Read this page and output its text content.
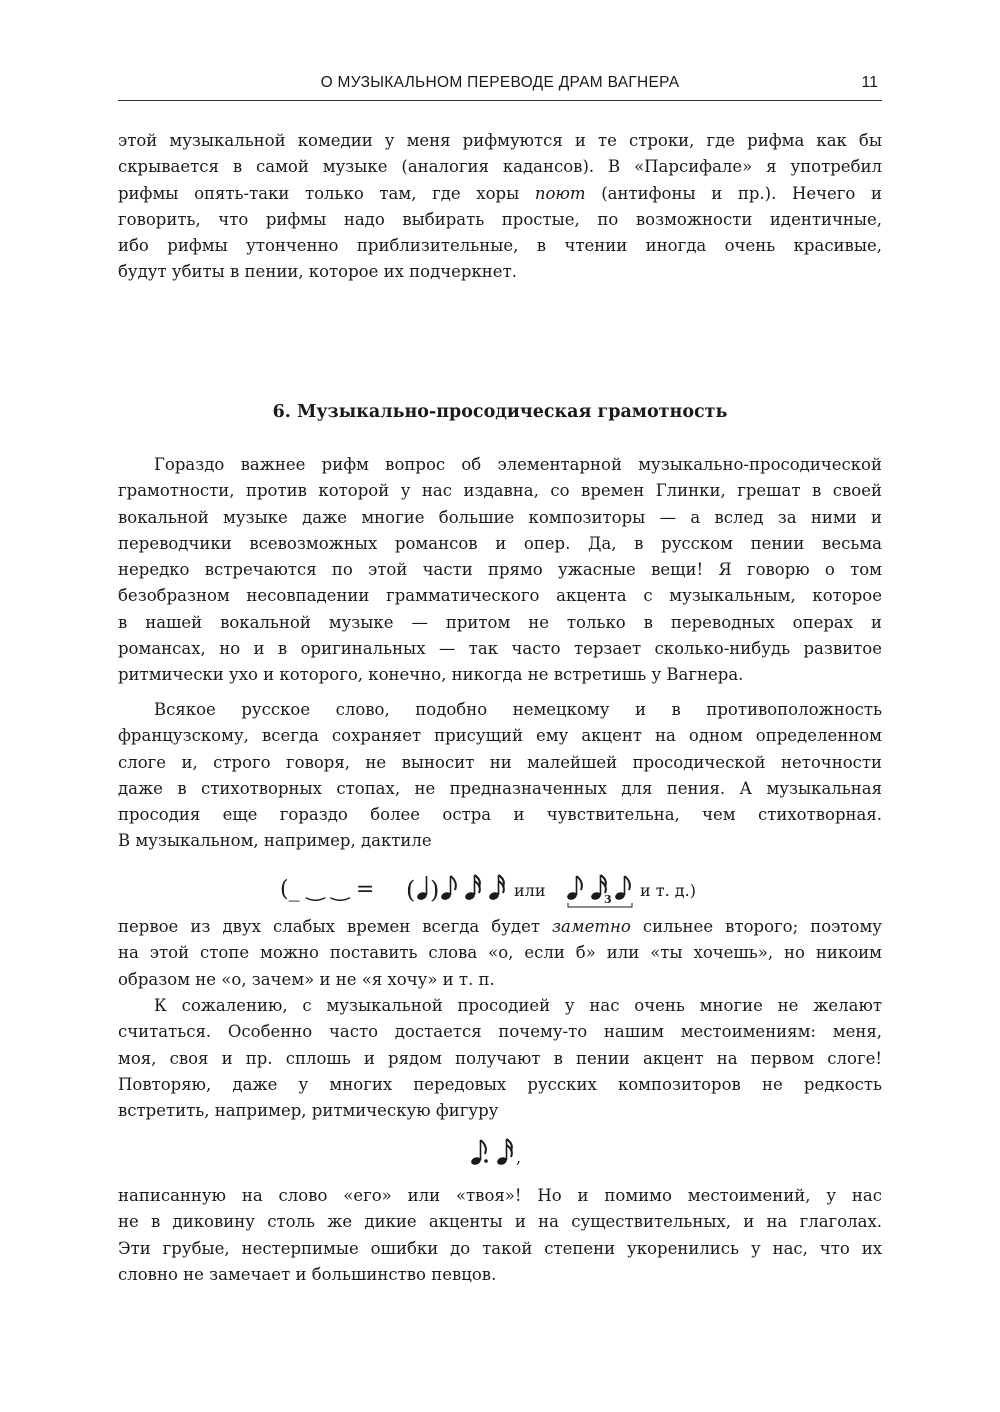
О МУЗЫКАЛЬНОМ ПЕРЕВОДЕ ДРАМ ВАГНЕРА	11
этой музыкальной комедии у меня рифмуются и те строки, где рифма как бы
скрывается в самой музыке (аналогия кадансов). В «Парсифале» я употребил
рифмы опять-таки только там, где хоры поют (антифоны и пр.). Нечего и
говорить, что рифмы надо выбирать простые, по возможности идентичные,
ибо рифмы утонченно приблизительные, в чтении иногда очень красивые,
будут убиты в пении, которое их подчеркнет.
6. Музыкально-просодическая грамотность
Гораздо важнее рифм вопрос об элементарной музыкально-просодической
грамотности, против которой у нас издавна, со времен Глинки, грешат в своей
вокальной музыке даже многие большие композиторы — а вслед за ними и
переводчики всевозможных романсов и опер. Да, в русском пении весьма
нередко встречаются по этой части прямо ужасные вещи! Я говорю о том
безобразном несовпадении грамматического акцента с музыкальным, которое
в нашей вокальной музыке — притом не только в переводных операх и
романсах, но и в оригинальных — так часто терзает сколько-нибудь развитое
ритмически ухо и которого, конечно, никогда не встретишь у Вагнера.
Всякое русское слово, подобно немецкому и в противоположность
французскому, всегда сохраняет присущий ему акцент на одном определенном
слоге и, строго говоря, не выносит ни малейшей просодической неточности
даже в стихотворных стопах, не предназначенных для пения. А музыкальная
просодия еще гораздо более остра и чувствительна, чем стихотворная.
В музыкальном, например, дактиле
(_ ‿ ‿ = ( )	или	3 и т. д.)
первое из двух слабых времен всегда будет заметно сильнее второго; поэтому
на этой стопе можно поставить слова «о, если б» или «ты хочешь», но никоим
образом не «о, зачем» и не «я хочу» и т. п.
К сожалению, с музыкальной просодией у нас очень многие не желают
считаться. Особенно часто достается почему-то нашим местоимениям: меня,
моя, своя и пр. сплошь и рядом получают в пении акцент на первом слоге!
Повторяю, даже у многих передовых русских композиторов не редкость
встретить, например, ритмическую фигуру
,
написанную на слово «его» или «твоя»! Но и помимо местоимений, у нас
не в диковину столь же дикие акценты и на существительных, и на глаголах.
Эти грубые, нестерпимые ошибки до такой степени укоренились у нас, что их
словно не замечает и большинство певцов.
